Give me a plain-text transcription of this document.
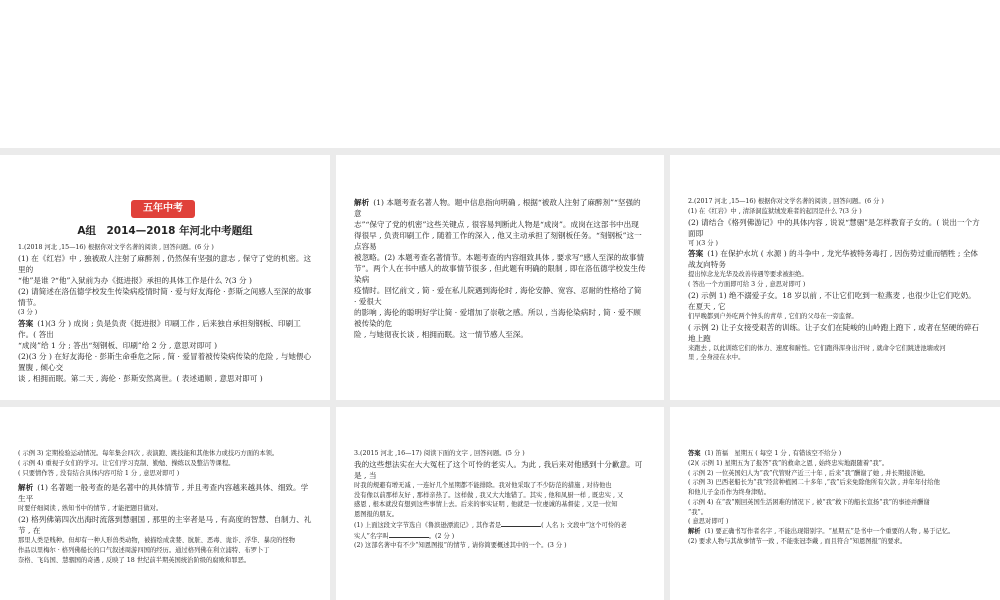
五年中考
A组　2014—2018 年河北中考题组

1.(2018 河北 ,15—16) 根据你对文学名著的阅读 , 回答问题。(6 分 )

(1) 在《红岩》中 , 独被敌人注射了麻醉剂 , 仍然保有坚强的意志 , 保守了党的机密。这里的

“他”是谁 ?“他”入狱前为办《挺进报》承担的具体工作是什么 ?(3 分 )

(2) 请简述在洛伍德学校发生传染病疫情时简 · 爱与好友海伦 · 彭斯之间感人至深的故事情节。

(3 分 )

答案 (1)(3 分 ) 成岗 ; 负是负责《挺进报》印刷工作 , 后来独自承担刻钢板、印刷工作。( 答出

“成岗”给 1 分 ; 答出“刻钢板、印刷”给 2 分 , 意思对即可 )

(2)(3 分 ) 在好友海伦 · 彭斯生命垂危之际 , 简 · 爱冒着被传染病传染的危险 , 与她偎心置腹 , 倾心交

谈 , 相拥而眠。第二天 , 海伦 · 彭斯安然离世。( 表述通顺 , 意思对即可 )

解析 (1) 本题考查名著人物。题中信息指向明确 , 根据“被敌人注射了麻醉剂”“坚强的意

志”“保守了党的机密”这些关键点 , 很容易判断此人物是“成岗”。成岗在这部书中出现

得很早 , 负责印刷工作 , 随着工作的深入 , 他又主动承担了刻钢板任务。“刻钢板”这一点容易

被忽略。(2) 本题考查名著情节。本题考查的内容细致具体 , 要求写“感人至深的故事情

节”。两个人在书中感人的故事情节很多 , 但此题有明确的限制 , 即在洛伍德学校发生传染病

疫情时。回忆前文 , 简 · 爱在私儿院遇到海伦时 , 海伦安静、宽容、忍耐的性格给了简 · 爱很大

的影响 , 海伦的聪明好学让简 · 爱增加了崇敬之感。所以 , 当海伦染病时 , 简 · 爱不顾被传染的危

险 , 与她彻夜长谈 , 相拥而眠。这一情节感人至深。

2.(2017 河北 ,15—16) 根据你对文学名著的阅读 , 回答问题。(6 分 )

(1) 在《红岩》中 , 清泽洞监狱绒发难者的起因是什么 ?(3 分 )

(2) 请结合《格列佛游记》中的具体内容 , 说说“慧骃”是怎样教育子女的。( 说出一个方面即

可 )(3 分 )

答案 (1) 在保护水坑 ( 水源 ) 的斗争中 , 龙光华被特务毒打 , 因伤势过重而牺牲 ; 全体战友向特务

提出悼念龙光华及改善待遇等要求被拒绝。

( 答出一个方面即可给 3 分 , 意思对即可 )

(2) 示例 1) 绝不溺爱子女。18 岁以前 , 不让它们吃到一粒燕麦 , 也很少让它们吃奶。在夏天 , 它

们早晚都到户外吃两个钟头的青草 , 它们的父母在一旁监督。

( 示例 2) 让子女接受艰苦的训练。让子女们在陡峻的山岭跑上跑下 , 或者在坚硬的碎石地上跑

来跑去 , 以此训练它们的体力、速度和耐性。它们跑得浑身出汗时 , 就命令它们跳进池塘或河

里 , 全身浸在水中。

( 示例 3) 定期检验运动情况。每年集会四次 , 表演跑、跳技能和其他体力或技巧方面的本领。

( 示例 4) 重视子女们的学习。让它们学习克制、勤勉、操练以及整洁等课程。

( 只要情作答 , 没有结合具体内容可给 1 分 , 意思对即可 )

解析 (1) 名著题一般考查的是名著中的具体情节 , 并且考查内容越来越具体、细致。学生平

时要仔细阅读 , 熟知书中的情节 , 才能把题目做对。

(2) 格列佛第四次出海时流落到慧骃国 , 那里的主宰者是马 , 有高度的智慧、自制力、礼节 , 在

那里人类是贱种。但却有一种人形兽类动物，被描绘成贪婪、肮脏、恶毒、诡诈、浮华、暴戾的怪物

作品以里梅尔 · 格列佛船长的口气叙述周游四国的经历。通过格列佛在利立浦特、布罗卜丁

奈格、飞岛国、慧骃国的奇遇 , 反映了 18 世纪前半期英国统治阶级的腐败和罪恶。

3.(2015 河北 ,16—17) 阅读下面的文字 , 回答问题。(5 分 )

我的这些想法实在大大冤枉了这个可怜的老实人。为此 , 我后来对他感到十分歉意。可是 , 当

时我的规避有增无减 , 一连好几个星期都不能排除。我对他采取了不少防范的措施 , 对待他也

没有像以前那样友好 , 那样亲热了。这样做 , 我又大大地错了。其实 , 他和凤厨一样 , 既忠实 , 又

感恩 , 根本就没有想到这些事情上去。后来的事实证明 , 他就是一位虔诚的基督徒 , 又是一位知

恩图报的朋友。

(1) 上面这段文字节选自《鲁滨逊漂流记》, 其作者是	( 人名 ); 文段中“这个可怜的老

实人”名字叫	。(2 分 )

(2) 这部名著中有不少“知恩图报”的情节 , 请你简要概述其中的一个。(3 分 )

答案 (1) 笛福　星期五 ( 每空 1 分 , 有错该空不给分 )

(2)( 示例 1) 星期五为了报答“我”的救命之恩 , 始终忠实地跟随着“我”。

( 示例 2) 一位英国妇人为“我”代管财产近三十年 , 后来“我”酬谢了她 , 并长期接济她。

( 示例 3) 巴西老船长为“我”经营种植园二十多年 ,“我”后来免除他所有欠款 , 并年年付给他

和他儿子金币作为终身津贴。

( 示例 4) 在“我”刚回英国生活困难的情况下 , 被“我”救下的船长宣扬“我”的事迹并酬谢

“我”。

( 意思对即可 )

解析 (1) 要正确书写作者名字 , 不能出现错别字。“星期五”是书中一个重要的人物 , 易于记忆。

(2) 要求人物与其故事情节一致 , 不能张冠李戴 , 而且符合“知恩图报”的要求。
